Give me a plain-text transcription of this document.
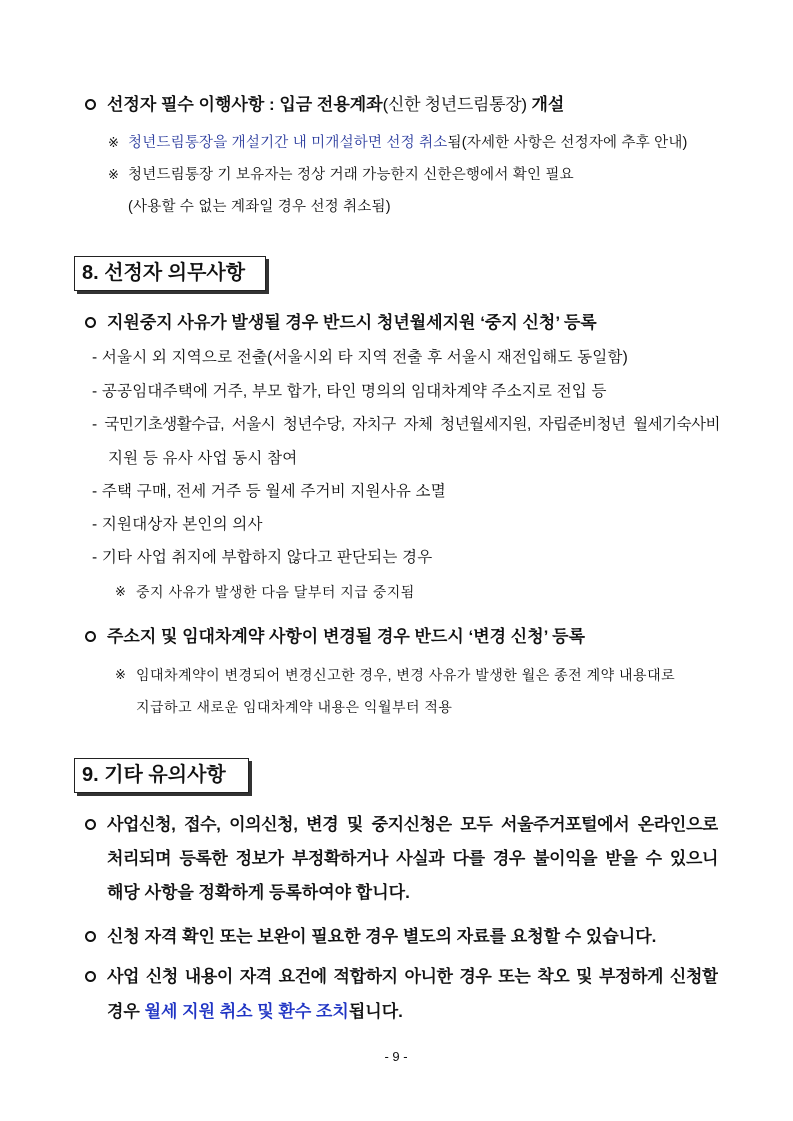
선정자 필수 이행사항 : 입금 전용계좌(신한 청년드림통장) 개설
※ 청년드림통장을 개설기간 내 미개설하면 선정 취소됨(자세한 사항은 선정자에 추후 안내)
※ 청년드림통장 기 보유자는 정상 거래 가능한지 신한은행에서 확인 필요
(사용할 수 없는 계좌일 경우 선정 취소됨)
8. 선정자 의무사항
지원중지 사유가 발생될 경우 반드시 청년월세지원 ‘중지 신청’ 등록
- 서울시 외 지역으로 전출(서울시외 타 지역 전출 후 서울시 재전입해도 동일함)
- 공공임대주택에 거주, 부모 합가, 타인 명의의 임대차계약 주소지로 전입 등
- 국민기초생활수급, 서울시 청년수당, 자치구 자체 청년월세지원, 자립준비청년 월세기숙사비
지원 등 유사 사업 동시 참여
- 주택 구매, 전세 거주 등 월세 주거비 지원사유 소멸
- 지원대상자 본인의 의사
- 기타 사업 취지에 부합하지 않다고 판단되는 경우
※ 중지 사유가 발생한 다음 달부터 지급 중지됨
주소지 및 임대차계약 사항이 변경될 경우 반드시 ‘변경 신청’ 등록
※ 임대차계약이 변경되어 변경신고한 경우, 변경 사유가 발생한 월은 종전 계약 내용대로
지급하고 새로운 임대차계약 내용은 익월부터 적용
9. 기타 유의사항
사업신청, 접수, 이의신청, 변경 및 중지신청은 모두 서울주거포털에서 온라인으로
처리되며 등록한 정보가 부정확하거나 사실과 다를 경우 불이익을 받을 수 있으니
해당 사항을 정확하게 등록하여야 합니다.
신청 자격 확인 또는 보완이 필요한 경우 별도의 자료를 요청할 수 있습니다.
사업 신청 내용이 자격 요건에 적합하지 아니한 경우 또는 착오 및 부정하게 신청할
경우 월세 지원 취소 및 환수 조치됩니다.
- 9 -
